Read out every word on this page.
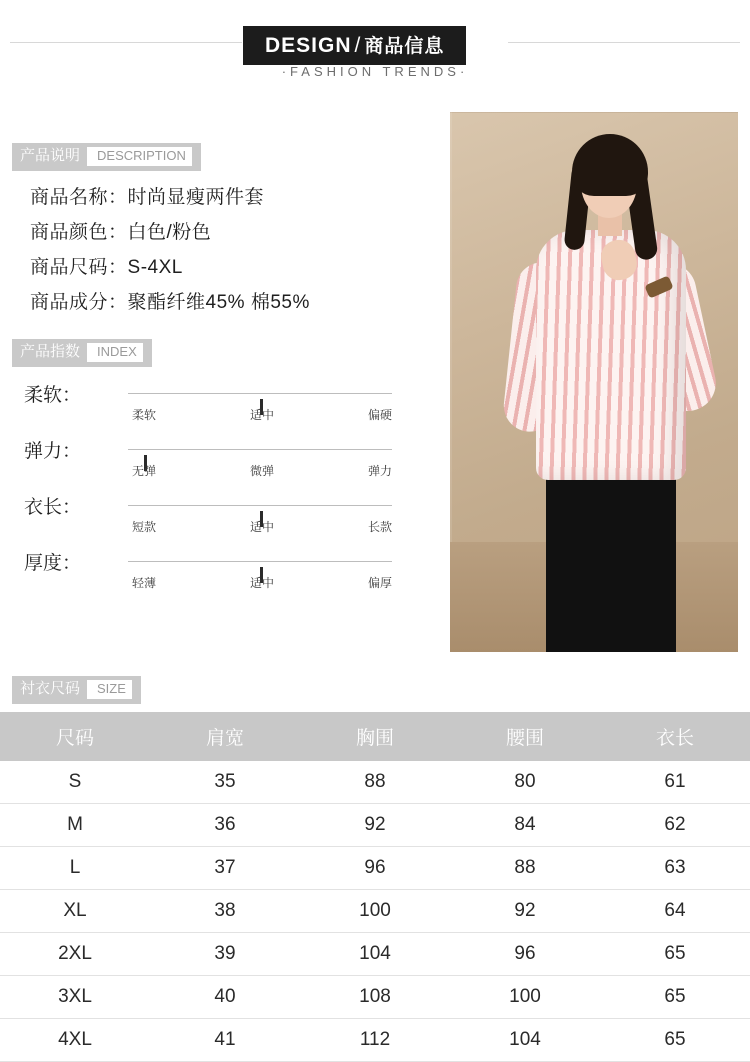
DESIGN / 商品信息
·FASHION TRENDS·
产品说明 DESCRIPTION
商品名称：时尚显瘦两件套
商品颜色：白色/粉色
商品尺码：S-4XL
商品成分：聚酯纤维45% 棉55%
产品指数 INDEX
柔软：
柔软	适中	偏硬
弹力：
无弹	微弹	弹力
衣长：
短款	适中	长款
厚度：
轻薄	适中	偏厚
衬衣尺码 SIZE
尺码	肩宽	胸围	腰围	衣长
S	35	88	80	61
M	36	92	84	62
L	37	96	88	63
XL	38	100	92	64
2XL	39	104	96	65
3XL	40	108	100	65
4XL	41	112	104	65
